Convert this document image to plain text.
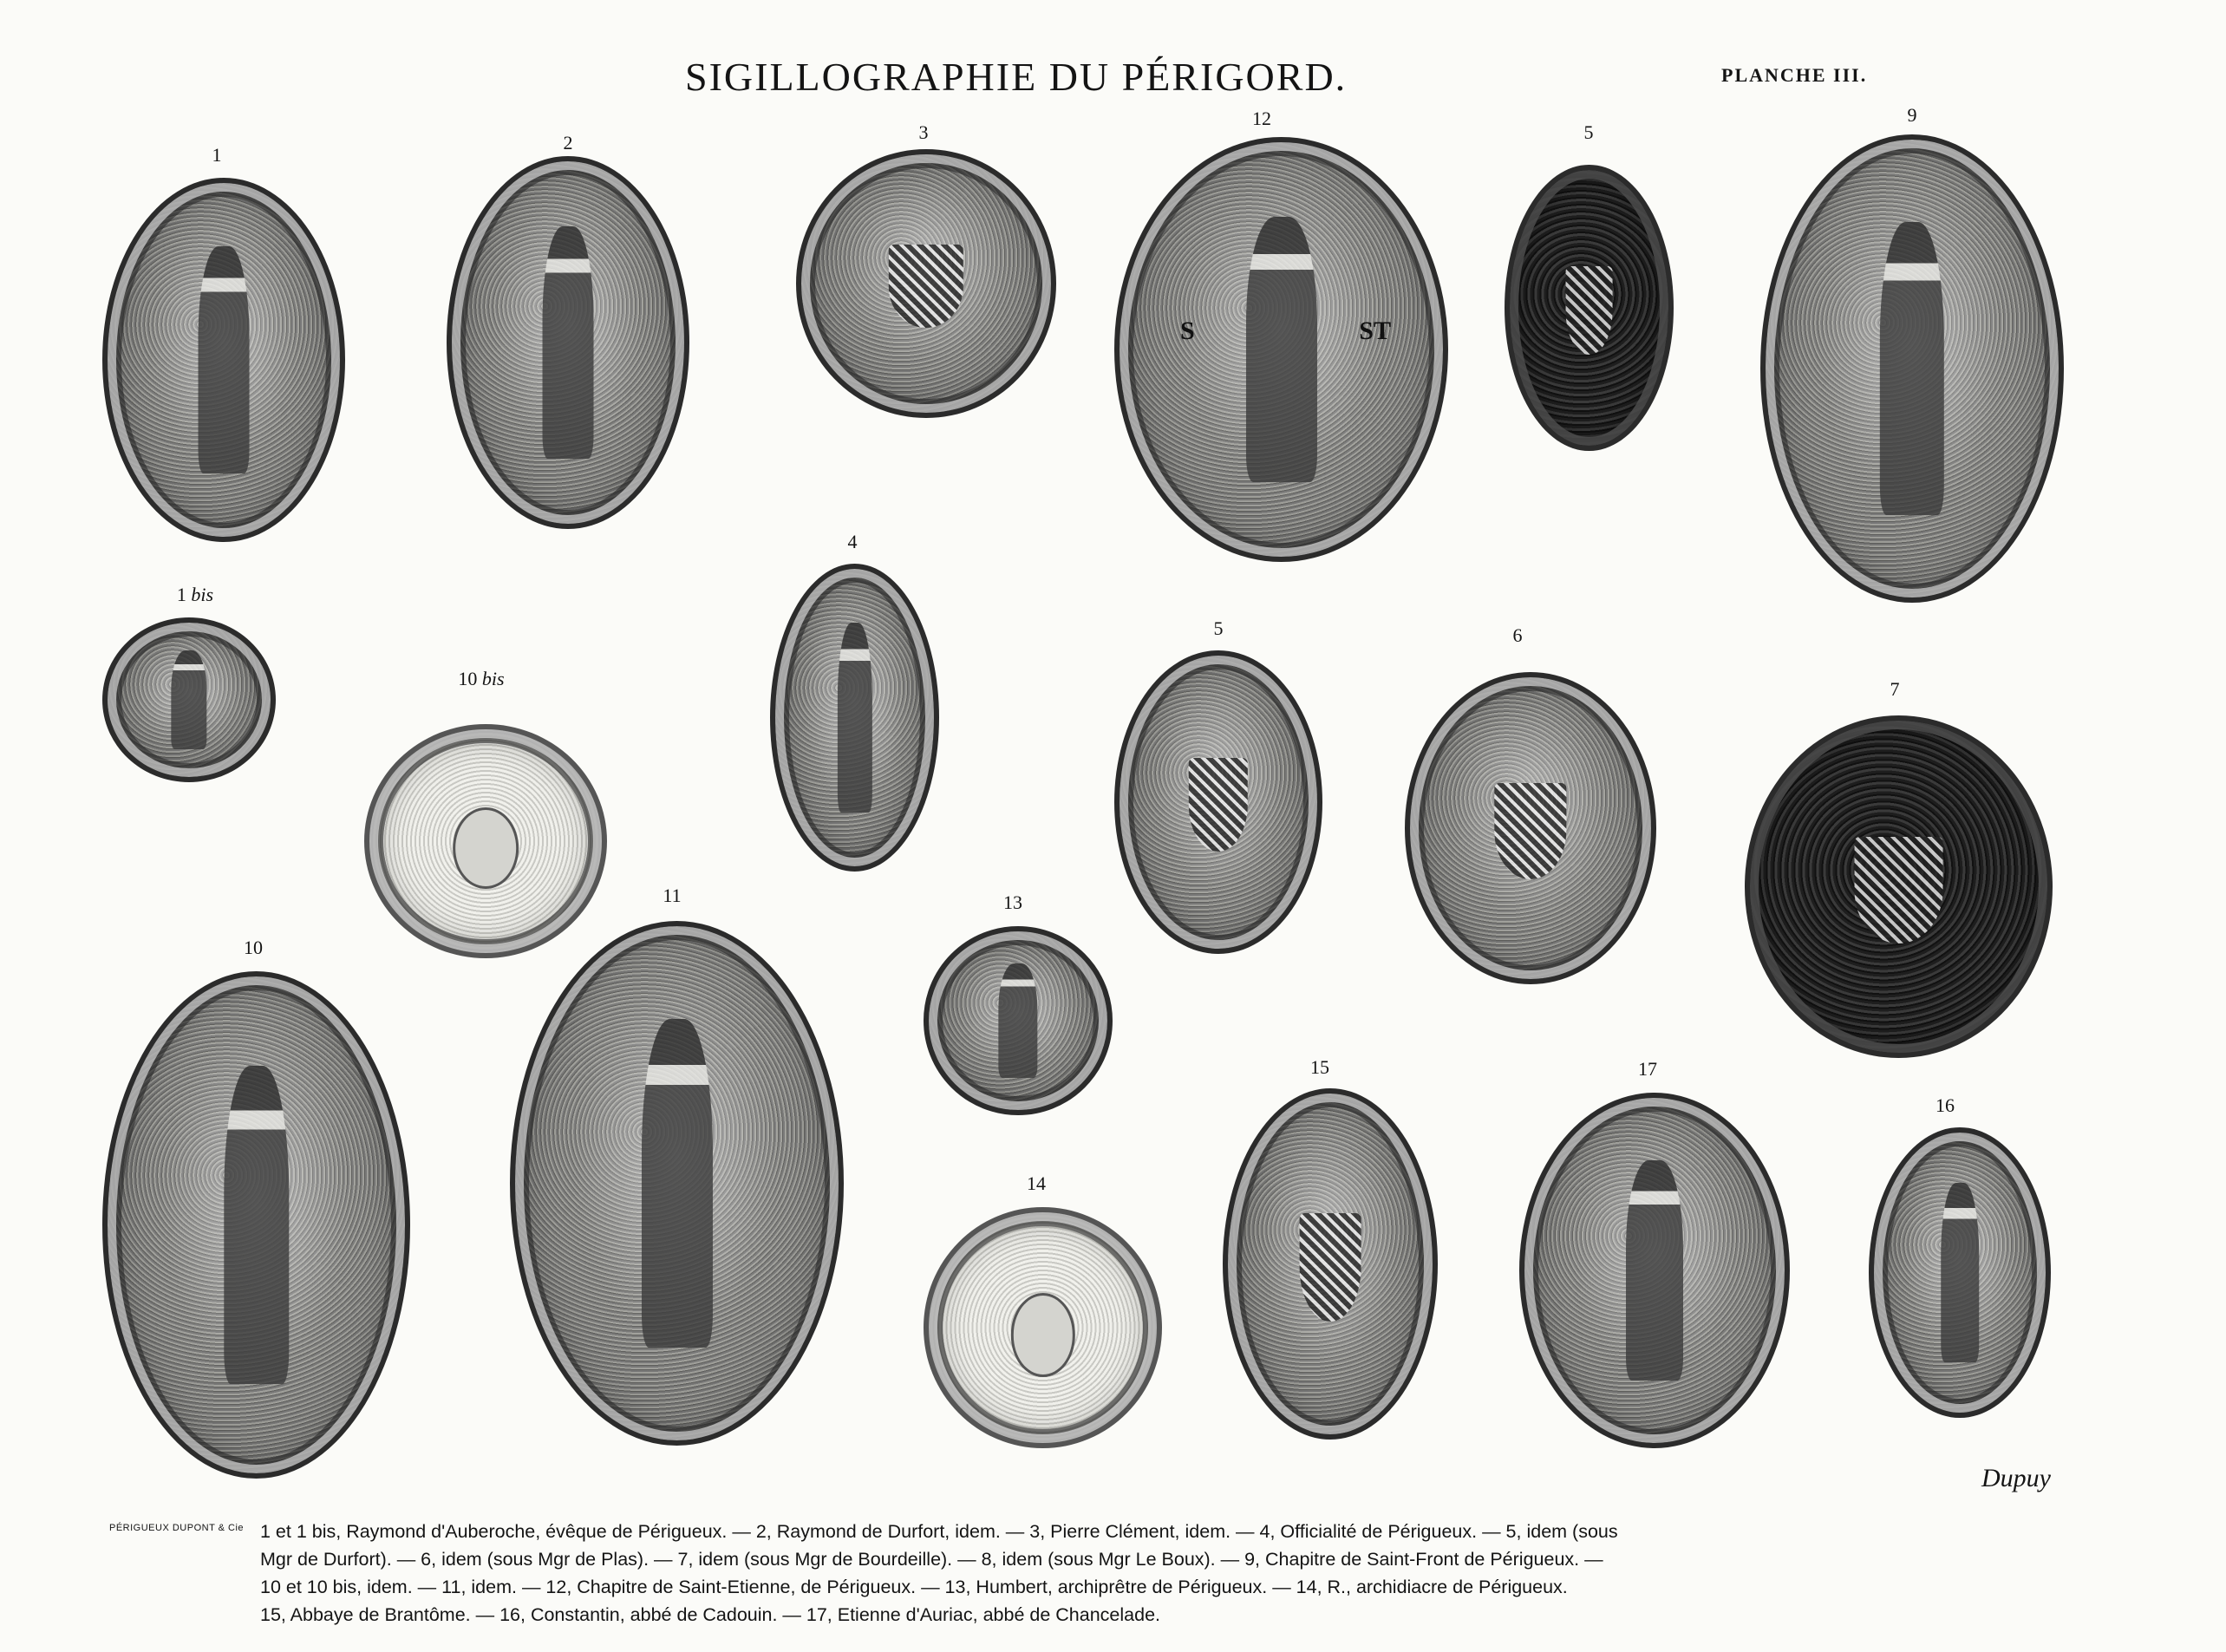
SIGILLOGRAPHIE DU PÉRIGORD.	PLANCHE III.
1
2	3
12
S	ST
5
9
1 bis
4
10 bis
5	6
7
11
10
13
14
15	17
16
Dupuy
PÉRIGUEUX DUPONT & Cie 1 et 1 bis, Raymond d'Auberoche, évêque de Périgueux. — 2, Raymond de Durfort, idem. — 3, Pierre Clément, idem. — 4, Officialité de Périgueux. — 5, idem (sous
Mgr de Durfort). — 6, idem (sous Mgr de Plas). — 7, idem (sous Mgr de Bourdeille). — 8, idem (sous Mgr Le Boux). — 9, Chapitre de Saint-Front de Périgueux. —
10 et 10 bis, idem. — 11, idem. — 12, Chapitre de Saint-Etienne, de Périgueux. — 13, Humbert, archiprêtre de Périgueux. — 14, R., archidiacre de Périgueux.
15, Abbaye de Brantôme. — 16, Constantin, abbé de Cadouin. — 17, Etienne d'Auriac, abbé de Chancelade.
